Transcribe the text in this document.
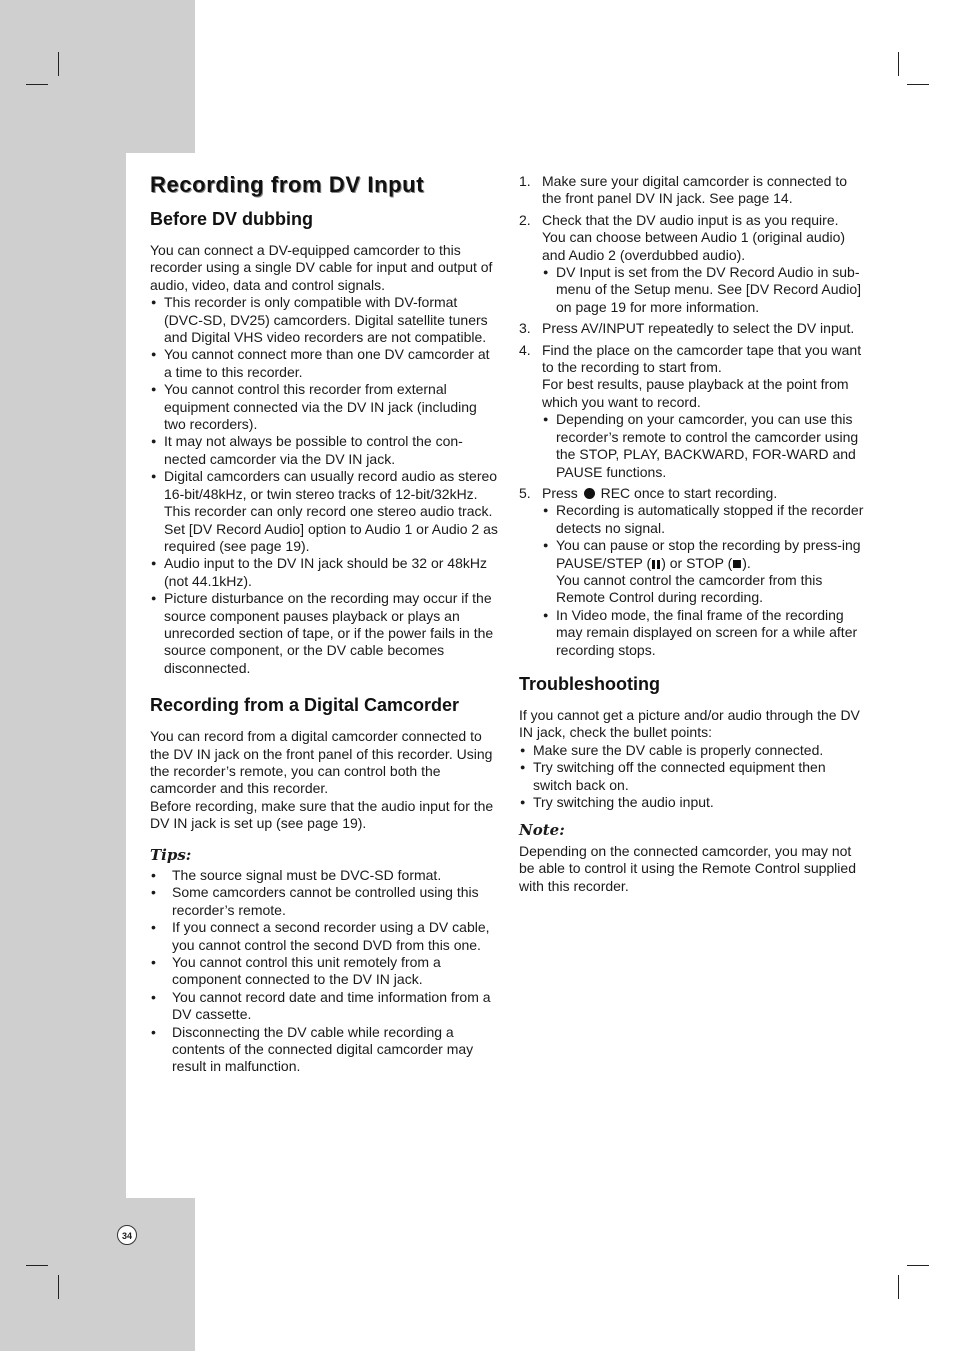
Recording from DV Input
Before DV dubbing

You can connect a DV-equipped camcorder to this recorder using a single DV cable for input and output of audio, video, data and control signals.

● This recorder is only compatible with DV-format (DVC-SD, DV25) camcorders. Digital satellite tuners and Digital VHS video recorders are not compatible.
● You cannot connect more than one DV camcorder at a time to this recorder.
● You cannot control this recorder from external equipment connected via the DV IN jack (including two recorders).
● It may not always be possible to control the con-nected camcorder via the DV IN jack.
● Digital camcorders can usually record audio as stereo 16-bit/48kHz, or twin stereo tracks of 12-bit/32kHz. This recorder can only record one stereo audio track. Set [DV Record Audio] option to Audio 1 or Audio 2 as required (see page 19).
● Audio input to the DV IN jack should be 32 or 48kHz (not 44.1kHz).
● Picture disturbance on the recording may occur if the source component pauses playback or plays an unrecorded section of tape, or if the power fails in the source component, or the DV cable becomes disconnected.
Recording from a Digital Camcorder

You can record from a digital camcorder connected to the DV IN jack on the front panel of this recorder. Using the recorder’s remote, you can control both the camcorder and this recorder.

Before recording, make sure that the audio input for the DV IN jack is set up (see page 19).

Tips:
• The source signal must be DVC-SD format.
• Some camcorders cannot be controlled using this recorder’s remote.
• If you connect a second recorder using a DV cable, you cannot control the second DVD from this one.
• You cannot control this unit remotely from a component connected to the DV IN jack.
• You cannot record date and time information from a DV cassette.
• Disconnecting the DV cable while recording a contents of the connected digital camcorder may result in malfunction.
1. Make sure your digital camcorder is connected to the front panel DV IN jack. See page 14.
2. Check that the DV audio input is as you require.
You can choose between Audio 1 (original audio) and Audio 2 (overdubbed audio).
● DV Input is set from the DV Record Audio in sub-menu of the Setup menu. See [DV Record Audio] on page 19 for more information.
3. Press AV/INPUT repeatedly to select the DV input.
4. Find the place on the camcorder tape that you want to the recording to start from.
For best results, pause playback at the point from which you want to record.
● Depending on your camcorder, you can use this recorder’s remote to control the camcorder using the STOP, PLAY, BACKWARD, FOR-WARD and PAUSE functions.
5. Press REC once to start recording.
● Recording is automatically stopped if the recorder detects no signal.
● You can pause or stop the recording by press-ing PAUSE/STEP ( ) or STOP ( ).
You cannot control the camcorder from this Remote Control during recording.
● In Video mode, the final frame of the recording may remain displayed on screen for a while after recording stops.
Troubleshooting

If you cannot get a picture and/or audio through the DV IN jack, check the bullet points:

● Make sure the DV cable is properly connected.
● Try switching off the connected equipment then switch back on.
● Try switching the audio input.
Note:

Depending on the connected camcorder, you may not be able to control it using the Remote Control supplied with this recorder.

34
